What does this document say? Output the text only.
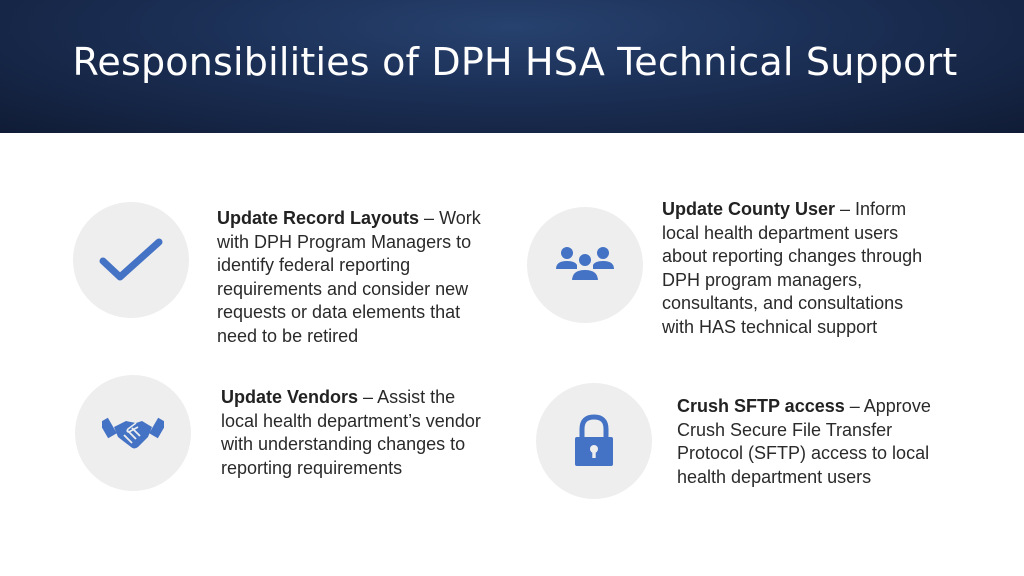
Responsibilities of DPH HSA Technical Support
Update Record Layouts – Work with DPH Program Managers to identify federal reporting requirements and consider new requests or data elements that need to be retired
Update County User – Inform local health department users about reporting changes through DPH program managers, consultants, and consultations with HAS technical support
Update Vendors – Assist the local health department’s vendor with understanding changes to reporting requirements
Crush SFTP access – Approve Crush Secure File Transfer Protocol (SFTP) access to local health department users
